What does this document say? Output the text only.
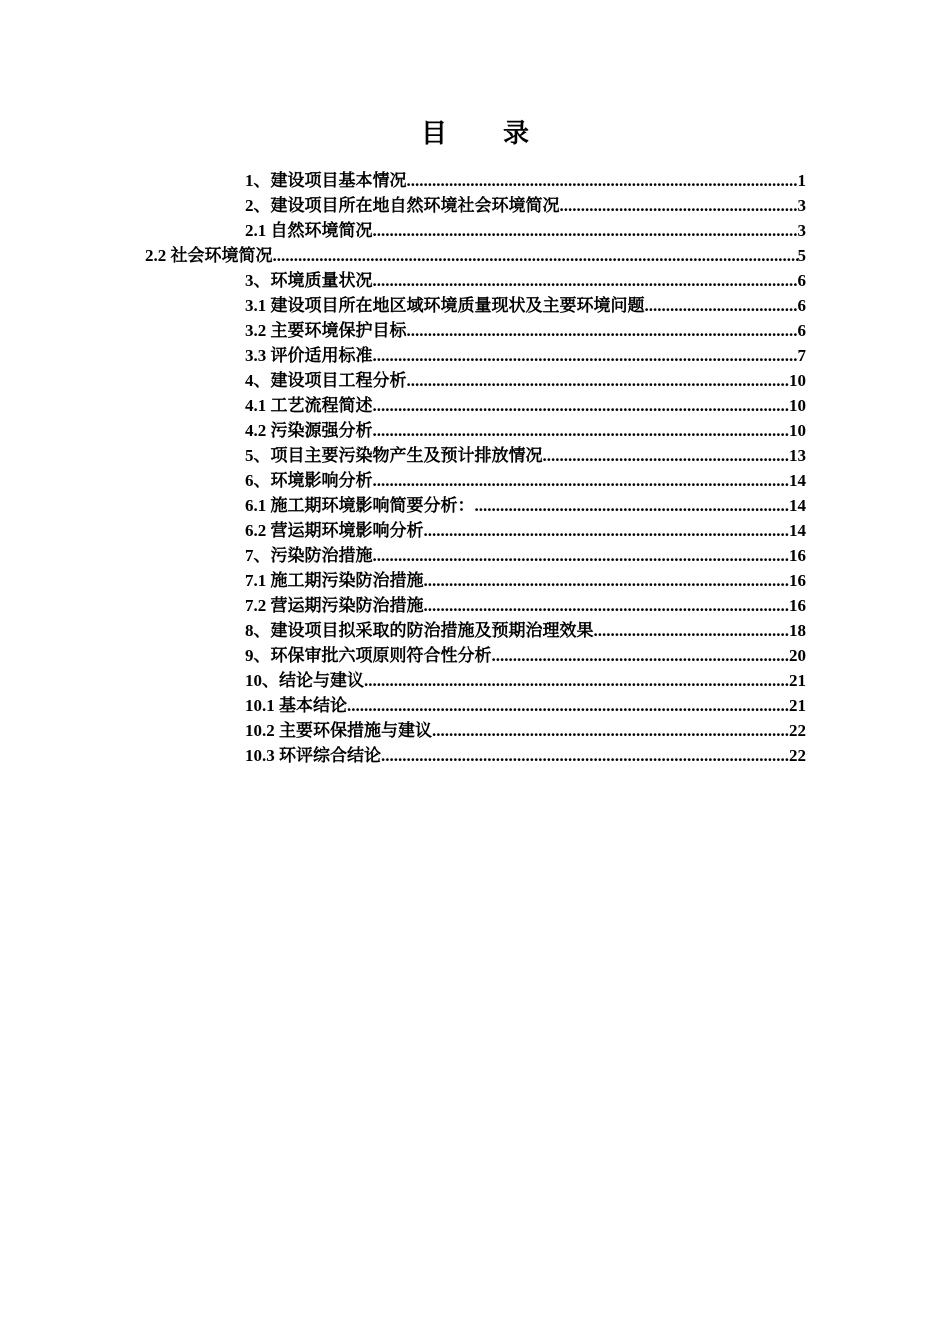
目录
1、建设项目基本情况 .....	1
2、建设项目所在地自然环境社会环境简况 .....	3
2.1 自然环境简况 .....	3
2.2 社会环境简况 .....	5
3、环境质量状况 .....	6
3.1 建设项目所在地区域环境质量现状及主要环境问题 .....	6
3.2 主要环境保护目标 .....	6
3.3 评价适用标准 .....	7
4、建设项目工程分析 .....	10
4.1 工艺流程简述 .....	10
4.2 污染源强分析 .....	10
5、项目主要污染物产生及预计排放情况 .....	13
6、环境影响分析 .....	14
6.1 施工期环境影响简要分析： .....	14
6.2 营运期环境影响分析 .....	14
7、污染防治措施 .....	16
7.1 施工期污染防治措施 .....	16
7.2 营运期污染防治措施 .....	16
8、建设项目拟采取的防治措施及预期治理效果 .....	18
9、环保审批六项原则符合性分析 .....	20
10、结论与建议 .....	21
10.1 基本结论 .....	21
10.2 主要环保措施与建议 .....	22
10.3 环评综合结论 .....	22
